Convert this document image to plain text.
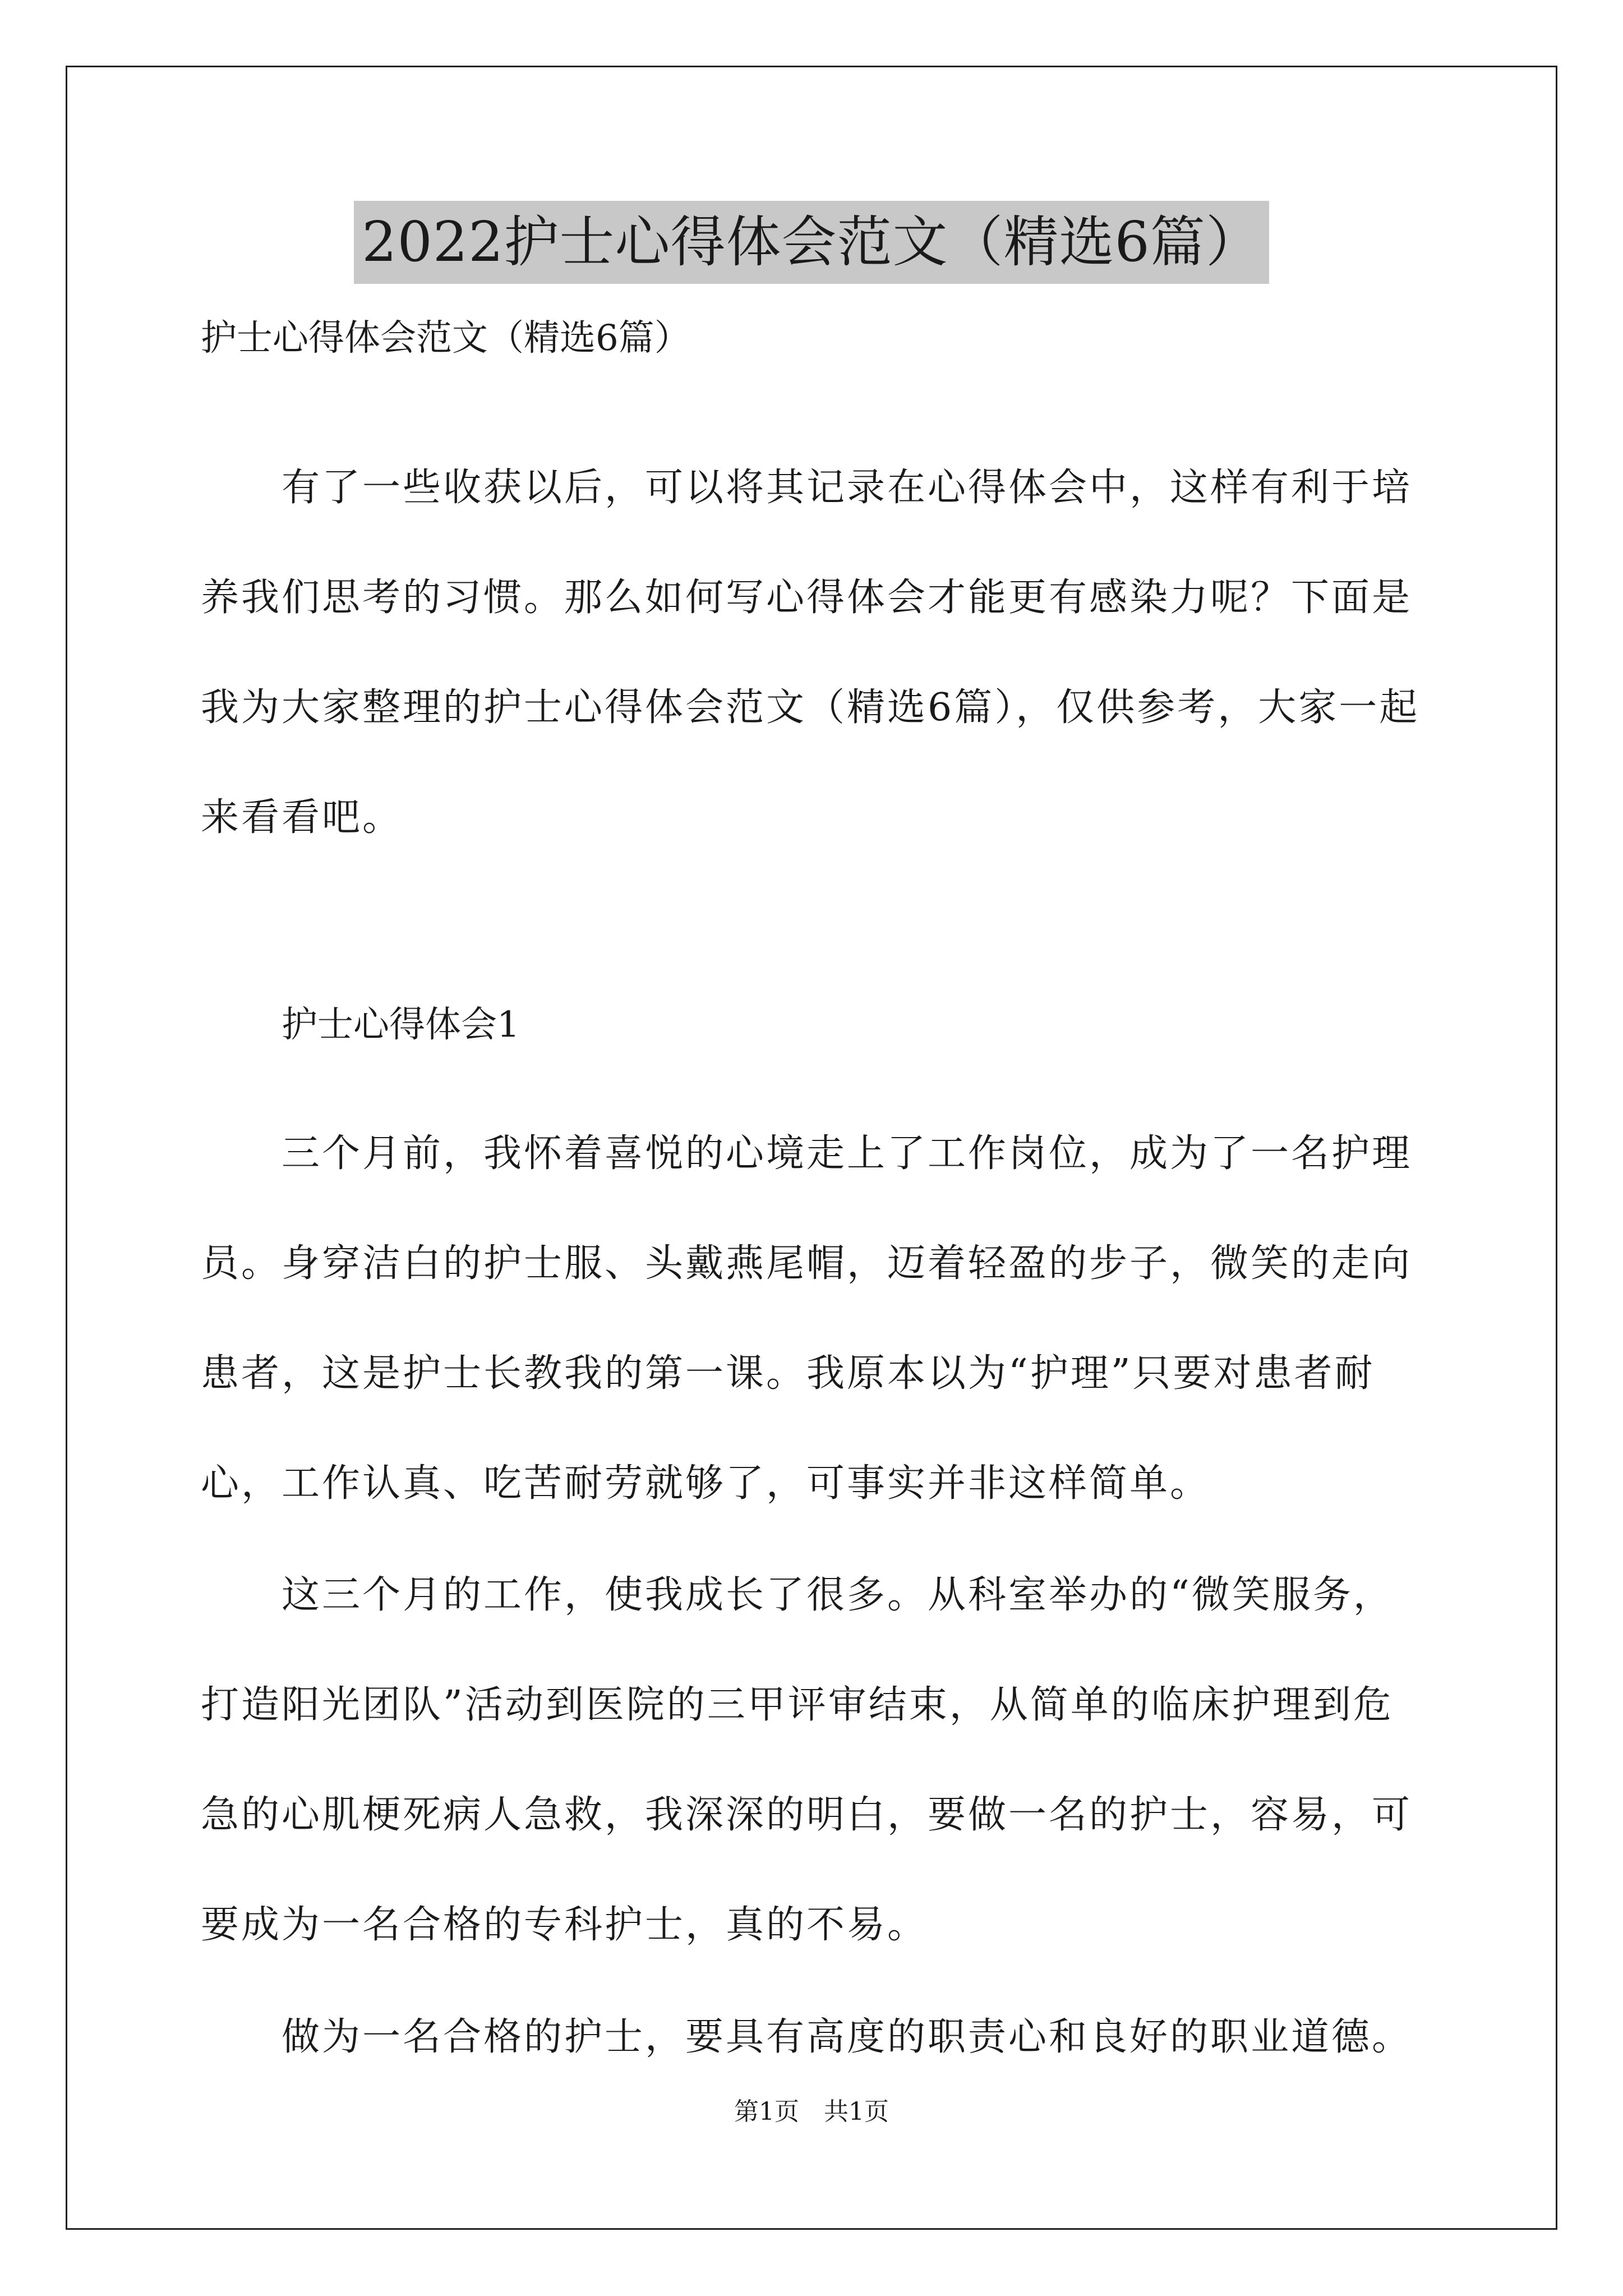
2022护士心得体会范文（精选6篇）
护士心得体会范文（精选6篇）
有了一些收获以后，可以将其记录在心得体会中，这样有利于培
养我们思考的习惯。那么如何写心得体会才能更有感染力呢？下面是
我为大家整理的护士心得体会范文（精选6篇），仅供参考，大家一起
来看看吧。
护士心得体会1
三个月前，我怀着喜悦的心境走上了工作岗位，成为了一名护理
员。身穿洁白的护士服、头戴燕尾帽，迈着轻盈的步子，微笑的走向
患者，这是护士长教我的第一课。我原本以为“护理”只要对患者耐
心，工作认真、吃苦耐劳就够了，可事实并非这样简单。
这三个月的工作，使我成长了很多。从科室举办的“微笑服务，
打造阳光团队”活动到医院的三甲评审结束，从简单的临床护理到危
急的心肌梗死病人急救，我深深的明白，要做一名的护士，容易，可
要成为一名合格的专科护士，真的不易。
做为一名合格的护士，要具有高度的职责心和良好的职业道德。
第1页　共1页
